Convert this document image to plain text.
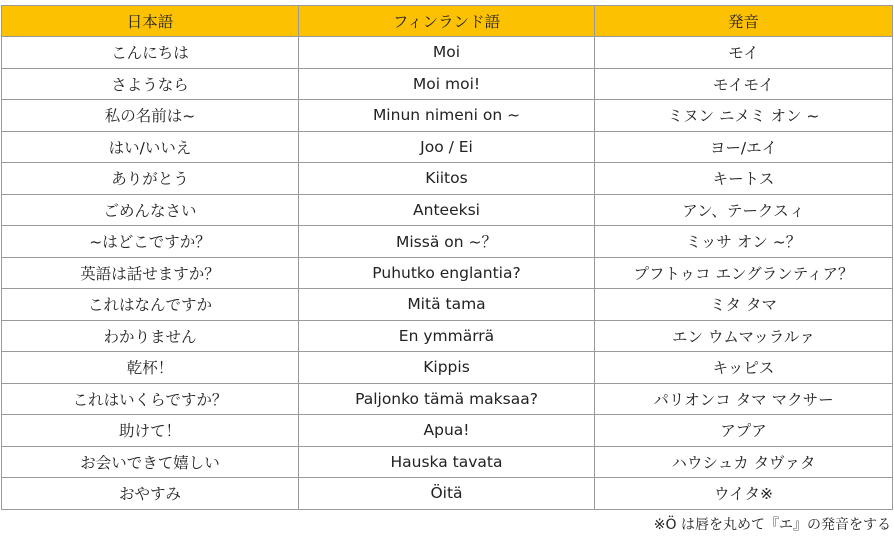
日本語	フィンランド語	発音
こんにちは	Moi	モイ
さようなら	Moi moi!	モイモイ
私の名前は~	Minun nimeni on ~	ミヌン ニメミ オン ~
はい/いいえ	Joo / Ei	ヨー/エイ
ありがとう	Kiitos	キートス
ごめんなさい	Anteeksi	アン、テークスィ
~はどこですか？	Missä on ~？	ミッサ オン ~？
英語は話せますか？	Puhutko englantia?	プフトゥコ エングランティア？
これはなんですか	Mitä tama	ミタ タマ
わかりません	En ymmärrä	エン ウムマッラルァ
乾杯！	Kippis	キッピス
これはいくらですか？	Paljonko tämä maksaa?	パリオンコ タマ マクサー
助けて！	Apua!	アプア
お会いできて嬉しい	Hauska tavata	ハウシュカ タヴァタ
おやすみ	Öitä	ウイタ※
※Ö は唇を丸めて『エ』の発音をする
